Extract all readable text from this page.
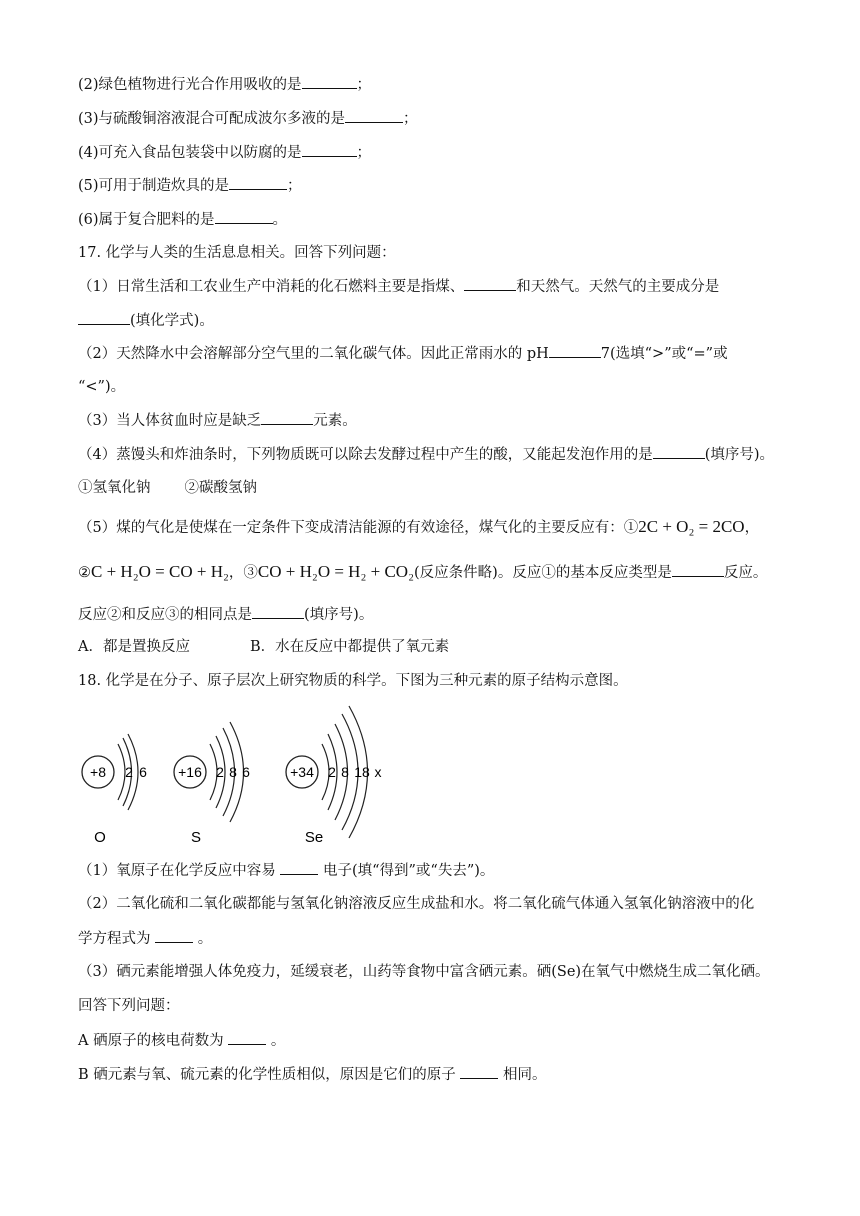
(2)绿色植物进行光合作用吸收的是	；
(3)与硫酸铜溶液混合可配成波尔多液的是	；
(4)可充入食品包装袋中以防腐的是	；
(5)可用于制造炊具的是	；
(6)属于复合肥料的是	。
17. 化学与人类的生活息息相关。回答下列问题：
（1）日常生活和工农业生产中消耗的化石燃料主要是指煤、	和天然气。天然气的主要成分是
(填化学式)。
（2）天然降水中会溶解部分空气里的二氧化碳气体。因此正常雨水的 pH	7(选填“>”或“=”或
“<”)。
（3）当人体贫血时应是缺乏	元素。
（4）蒸馒头和炸油条时，下列物质既可以除去发酵过程中产生的酸，又能起发泡作用的是	(填序号)。
①氢氧化钠 ②碳酸氢钠
（5）煤的气化是使煤在一定条件下变成清洁能源的有效途径，煤气化的主要反应有：①2C + O₂ = 2CO，
②C + H₂O = CO + H₂，③CO + H₂O = H₂ + CO₂(反应条件略)。反应①的基本反应类型是	反应。
反应②和反应③的相同点是	(填序号)。
A．都是置换反应	B．水在反应中都提供了氧元素
18. 化学是在分子、原子层次上研究物质的科学。下图为三种元素的原子结构示意图。
+8 2 6
O
+16 2 8 6
S
+34 2 8 18 x
Se
（1）氧原子在化学反应中容易	电子(填“得到”或“失去”)。
（2）二氧化硫和二氧化碳都能与氢氧化钠溶液反应生成盐和水。将二氧化硫气体通入氢氧化钠溶液中的化
学方程式为	。
（3）硒元素能增强人体免疫力，延缓衰老，山药等食物中富含硒元素。硒(Se)在氧气中燃烧生成二氧化硒。
回答下列问题：
A 硒原子的核电荷数为	。
B 硒元素与氧、硫元素的化学性质相似，原因是它们的原子	相同。
